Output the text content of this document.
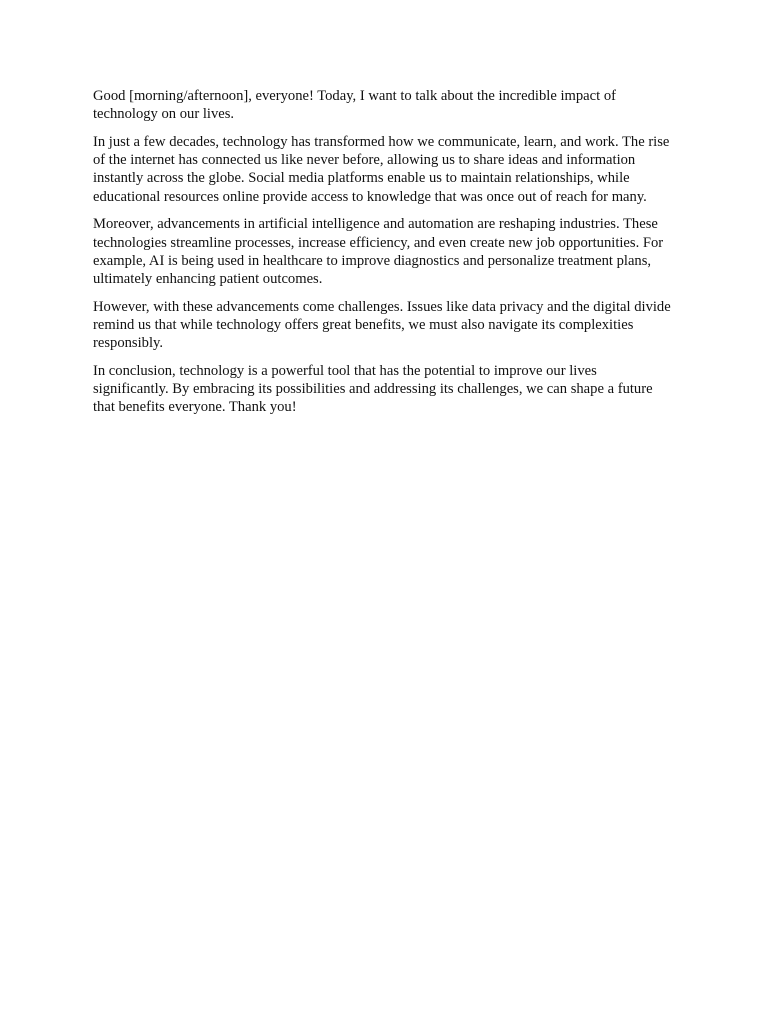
Good [morning/afternoon], everyone! Today, I want to talk about the incredible impact of technology on our lives.

In just a few decades, technology has transformed how we communicate, learn, and work. The rise of the internet has connected us like never before, allowing us to share ideas and information instantly across the globe. Social media platforms enable us to maintain relationships, while educational resources online provide access to knowledge that was once out of reach for many.

Moreover, advancements in artificial intelligence and automation are reshaping industries. These technologies streamline processes, increase efficiency, and even create new job opportunities. For example, AI is being used in healthcare to improve diagnostics and personalize treatment plans, ultimately enhancing patient outcomes.

However, with these advancements come challenges. Issues like data privacy and the digital divide remind us that while technology offers great benefits, we must also navigate its complexities responsibly.

In conclusion, technology is a powerful tool that has the potential to improve our lives significantly. By embracing its possibilities and addressing its challenges, we can shape a future that benefits everyone. Thank you!
